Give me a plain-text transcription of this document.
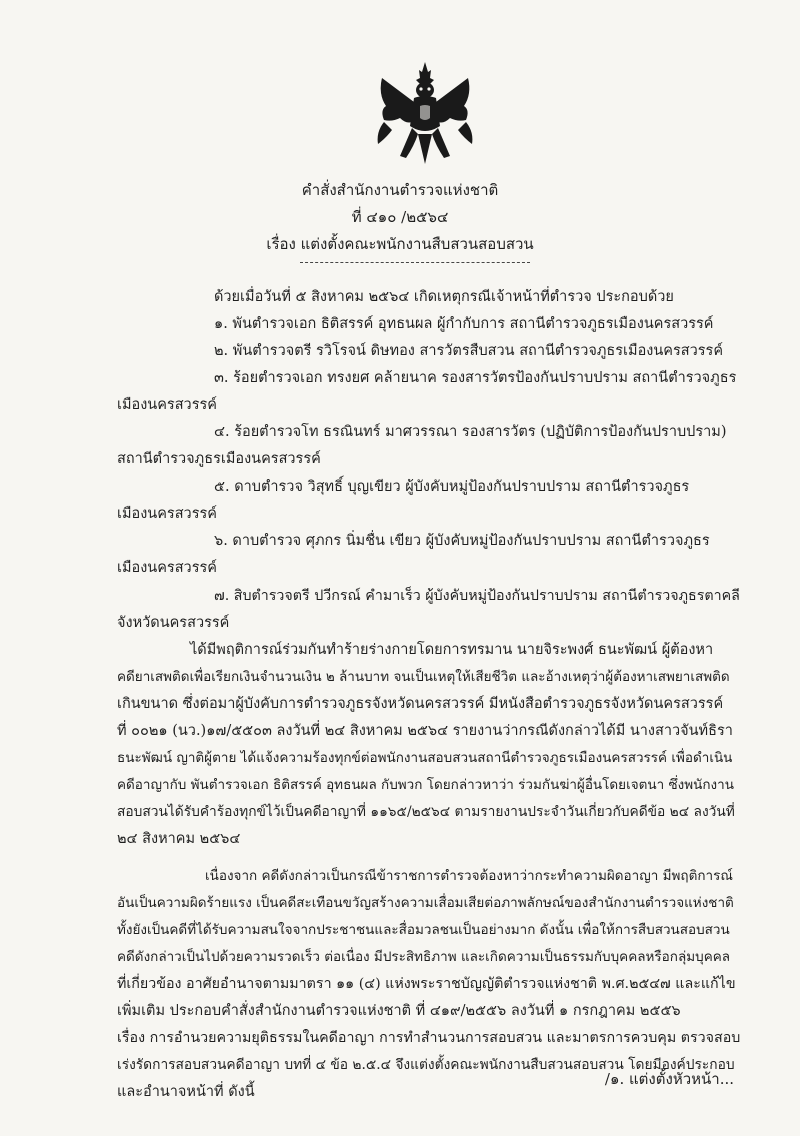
คำสั่งสำนักงานตำรวจแห่งชาติ
ที่ ๔๑๐ /๒๕๖๔
เรื่อง แต่งตั้งคณะพนักงานสืบสวนสอบสวน
ด้วยเมื่อวันที่ ๕ สิงหาคม ๒๕๖๔ เกิดเหตุกรณีเจ้าหน้าที่ตำรวจ ประกอบด้วย
๑. พันตำรวจเอก ธิติสรรค์ อุทธนผล ผู้กำกับการ สถานีตำรวจภูธรเมืองนครสวรรค์
๒. พันตำรวจตรี รวิโรจน์ ดิษทอง สารวัตรสืบสวน สถานีตำรวจภูธรเมืองนครสวรรค์
๓. ร้อยตำรวจเอก ทรงยศ คล้ายนาค รองสารวัตรป้องกันปราบปราม สถานีตำรวจภูธร
เมืองนครสวรรค์
๔. ร้อยตำรวจโท ธรณินทร์ มาศวรรณา รองสารวัตร (ปฏิบัติการป้องกันปราบปราม)
สถานีตำรวจภูธรเมืองนครสวรรค์
๕. ดาบตำรวจ วิสุทธิ์ บุญเขียว ผู้บังคับหมู่ป้องกันปราบปราม สถานีตำรวจภูธร
เมืองนครสวรรค์
๖. ดาบตำรวจ ศุภกร นิ่มชื่น เขียว ผู้บังคับหมู่ป้องกันปราบปราม สถานีตำรวจภูธร
เมืองนครสวรรค์
๗. สิบตำรวจตรี ปวีกรณ์ คำมาเร็ว ผู้บังคับหมู่ป้องกันปราบปราม สถานีตำรวจภูธรตาคลี
จังหวัดนครสวรรค์
ได้มีพฤติการณ์ร่วมกันทำร้ายร่างกายโดยการทรมาน นายจิระพงศ์ ธนะพัฒน์ ผู้ต้องหา
คดียาเสพติดเพื่อเรียกเงินจำนวนเงิน ๒ ล้านบาท จนเป็นเหตุให้เสียชีวิต และอ้างเหตุว่าผู้ต้องหาเสพยาเสพติด
เกินขนาด ซึ่งต่อมาผู้บังคับการตำรวจภูธรจังหวัดนครสวรรค์ มีหนังสือตำรวจภูธรจังหวัดนครสวรรค์
ที่ ๐๐๒๑ (นว.)๑๗/๕๕๐๓ ลงวันที่ ๒๔ สิงหาคม ๒๕๖๔ รายงานว่ากรณีดังกล่าวได้มี นางสาวจันท์ธิรา
ธนะพัฒน์ ญาติผู้ตาย ได้แจ้งความร้องทุกข์ต่อพนักงานสอบสวนสถานีตำรวจภูธรเมืองนครสวรรค์ เพื่อดำเนิน
คดีอาญากับ พันตำรวจเอก ธิติสรรค์ อุทธนผล กับพวก โดยกล่าวหาว่า ร่วมกันฆ่าผู้อื่นโดยเจตนา ซึ่งพนักงาน
สอบสวนได้รับคำร้องทุกข์ไว้เป็นคดีอาญาที่ ๑๑๖๕/๒๕๖๔ ตามรายงานประจำวันเกี่ยวกับคดีข้อ ๒๔ ลงวันที่
๒๔ สิงหาคม ๒๕๖๔
เนื่องจาก คดีดังกล่าวเป็นกรณีข้าราชการตำรวจต้องหาว่ากระทำความผิดอาญา มีพฤติการณ์
อันเป็นความผิดร้ายแรง เป็นคดีสะเทือนขวัญสร้างความเสื่อมเสียต่อภาพลักษณ์ของสำนักงานตำรวจแห่งชาติ
ทั้งยังเป็นคดีที่ได้รับความสนใจจากประชาชนและสื่อมวลชนเป็นอย่างมาก ดังนั้น เพื่อให้การสืบสวนสอบสวน
คดีดังกล่าวเป็นไปด้วยความรวดเร็ว ต่อเนื่อง มีประสิทธิภาพ และเกิดความเป็นธรรมกับบุคคลหรือกลุ่มบุคคล
ที่เกี่ยวข้อง อาศัยอำนาจตามมาตรา ๑๑ (๔) แห่งพระราชบัญญัติตำรวจแห่งชาติ พ.ศ.๒๕๔๗ และแก้ไข
เพิ่มเติม ประกอบคำสั่งสำนักงานตำรวจแห่งชาติ ที่ ๔๑๙/๒๕๕๖ ลงวันที่ ๑ กรกฎาคม ๒๕๕๖
เรื่อง การอำนวยความยุติธรรมในคดีอาญา การทำสำนวนการสอบสวน และมาตรการควบคุม ตรวจสอบ
เร่งรัดการสอบสวนคดีอาญา บทที่ ๔ ข้อ ๒.๕.๔ จึงแต่งตั้งคณะพนักงานสืบสวนสอบสวน โดยมีองค์ประกอบ
และอำนาจหน้าที่ ดังนี้
/๑. แต่งตั้งหัวหน้า...
